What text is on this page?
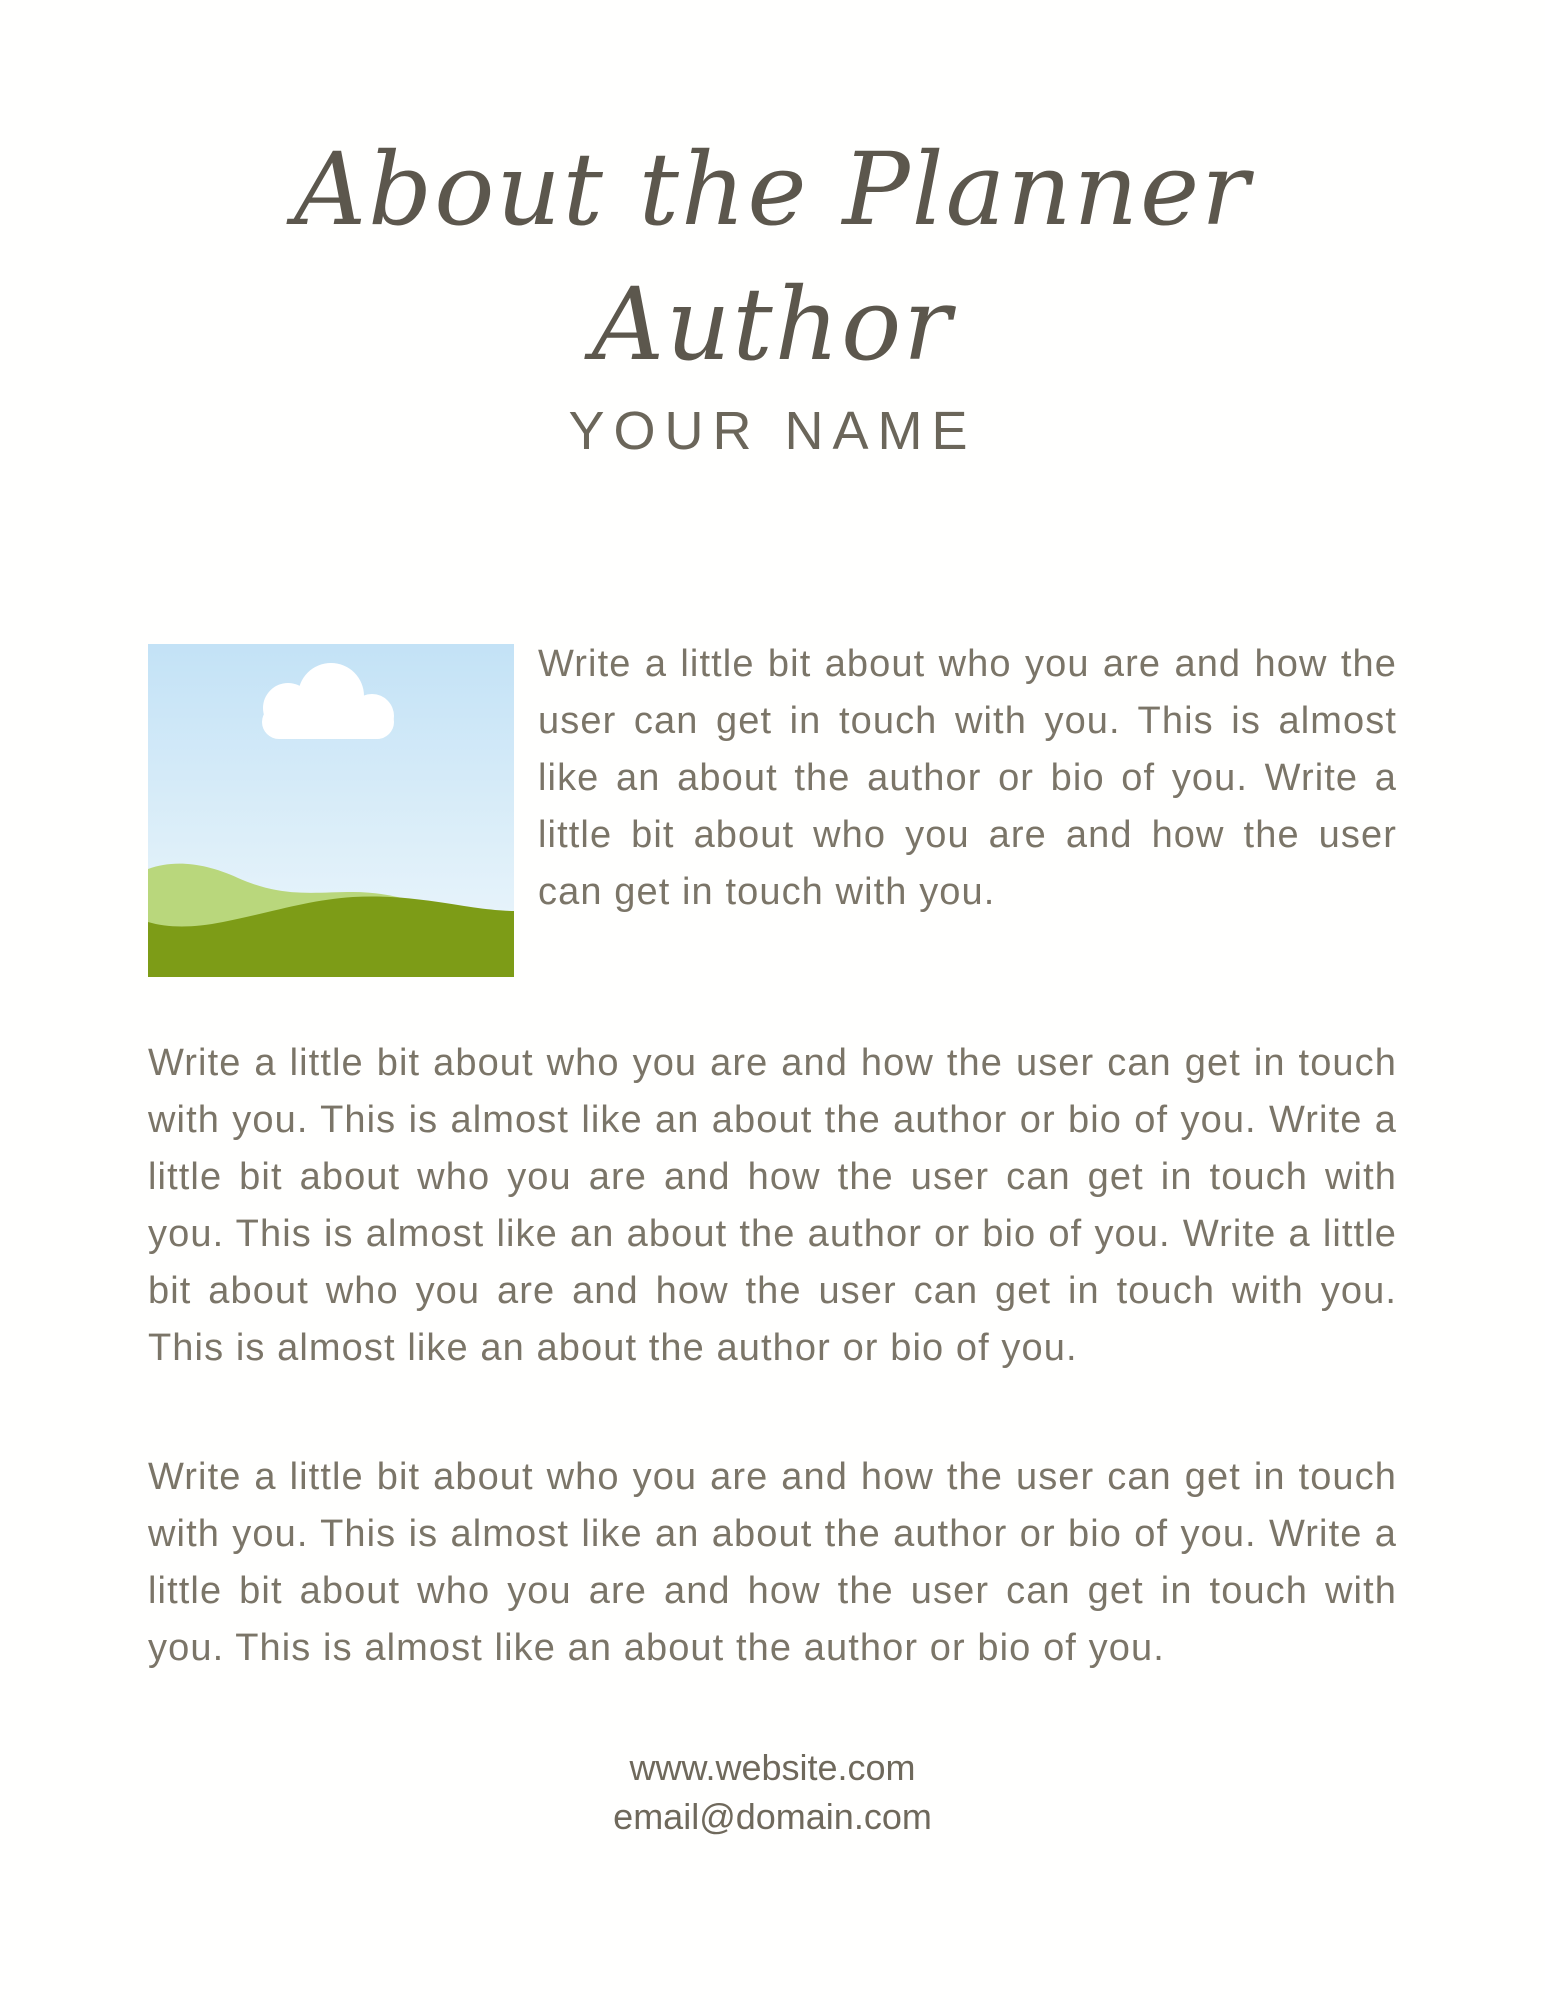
About the Planner Author
YOUR NAME

Write a little bit about who you are and how the user can get in touch with you. This is almost like an about the author or bio of you. Write a little bit about who you are and how the user can get in touch with you.

Write a little bit about who you are and how the user can get in touch with you. This is almost like an about the author or bio of you. Write a little bit about who you are and how the user can get in touch with you. This is almost like an about the author or bio of you. Write a little bit about who you are and how the user can get in touch with you. This is almost like an about the author or bio of you.

Write a little bit about who you are and how the user can get in touch with you. This is almost like an about the author or bio of you. Write a little bit about who you are and how the user can get in touch with you. This is almost like an about the author or bio of you.

www.website.com
email@domain.com
